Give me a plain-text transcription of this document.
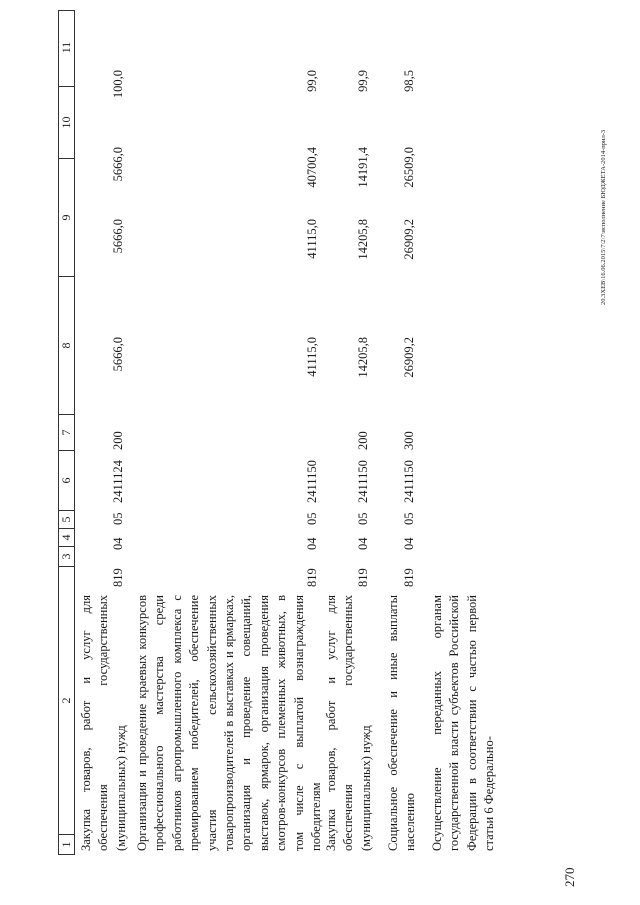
1
2
3
4
5
6
7
8
9
10
11
Закупка товаров, работ и услуг для обеспечения государственных (муниципальных) нужд
819
04
05
2411124
200
5666,0
5666,0
5666,0
100,0
Организация и проведение краевых конкурсов профессионального мастерства среди работников агропромышленного комплекса с премированием победителей, обеспечение участия сельскохозяйственных товаропроизводителей в выставках и ярмарках, организация и проведение совещаний, выставок, ярмарок, организация проведения смотров-конкурсов племенных животных, в том числе с выплатой вознаграждения победителям
819
04
05
2411150
41115,0
41115,0
40700,4
99,0
Закупка товаров, работ и услуг для обеспечения государственных (муниципальных) нужд
819
04
05
2411150
200
14205,8
14205,8
14191,4
99,9
Социальное обеспечение и иные выплаты населению
819
04
05
2411150
300
26909,2
26909,2
26509,0
98,5
Осуществление переданных органам государственной власти субъектов Российской Федерации в соответствии с частью первой статьи 6 Федерально-
270
20.3ХЕВ\16.06.2015\7\2\7\исполнение БЮДЖЕТА-2014-прил-3
